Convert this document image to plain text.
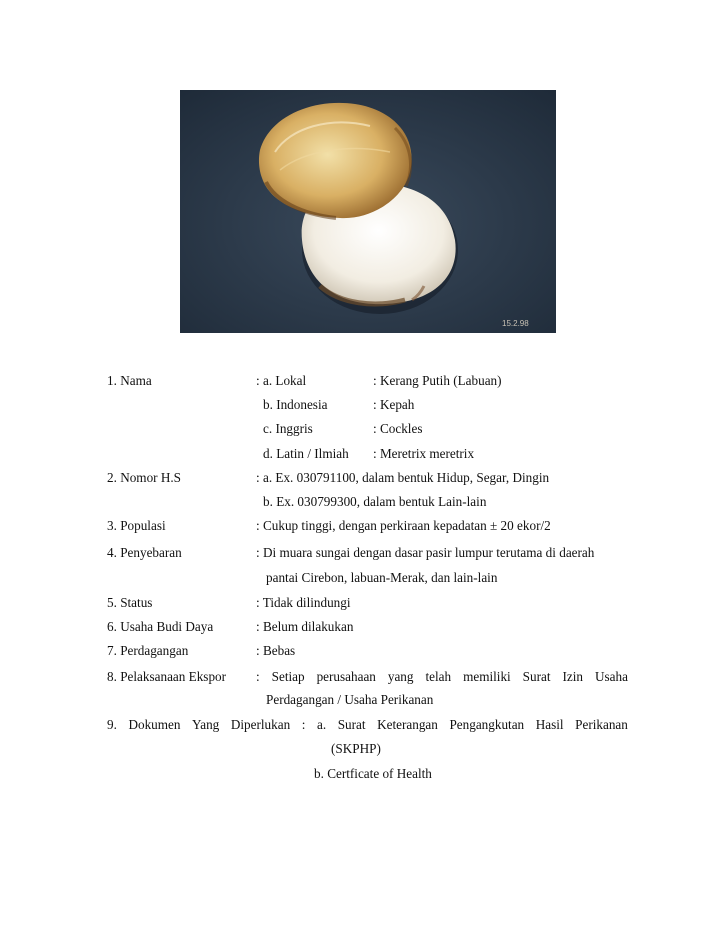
15.2.98
1. Nama	: a. Lokal	: Kerang Putih (Labuan)
b. Indonesia	: Kepah
c. Inggris	: Cockles
d. Latin / Ilmiah : Meretrix meretrix
2. Nomor H.S	: a. Ex. 030791100, dalam bentuk Hidup, Segar, Dingin
b. Ex. 030799300, dalam bentuk Lain-lain
3. Populasi	: Cukup tinggi, dengan perkiraan kepadatan ± 20 ekor/2
4. Penyebaran	: Di muara sungai dengan dasar pasir lumpur terutama di daerah
pantai Cirebon, labuan-Merak, dan lain-lain
5. Status	: Tidak dilindungi
6. Usaha Budi Daya	: Belum dilakukan
7. Perdagangan	: Bebas
8. Pelaksanaan Ekspor : Setiap perusahaan yang telah memiliki Surat Izin Usaha
Perdagangan / Usaha Perikanan
9. Dokumen Yang Diperlukan : a. Surat Keterangan Pengangkutan Hasil Perikanan
(SKPHP)
b. Certficate of Health
